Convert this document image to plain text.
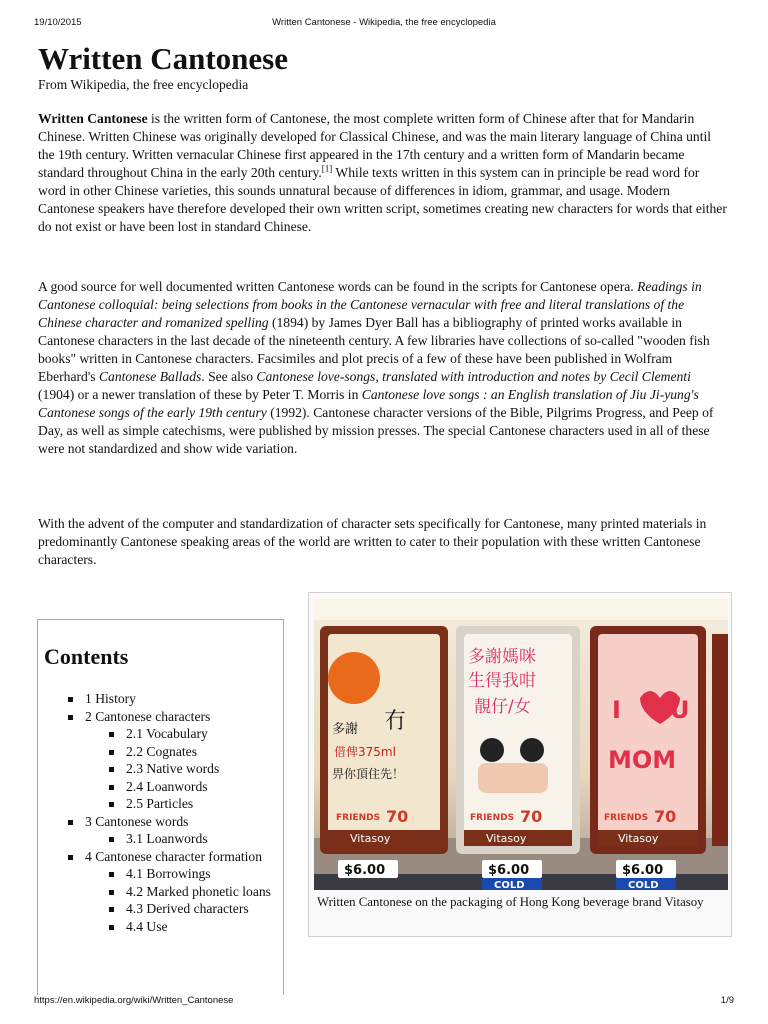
19/10/2015	Written Cantonese - Wikipedia, the free encyclopedia
Written Cantonese
From Wikipedia, the free encyclopedia

Written Cantonese is the written form of Cantonese, the most complete written form of Chinese after that for Mandarin Chinese. Written Chinese was originally developed for Classical Chinese, and was the main literary language of China until the 19th century. Written vernacular Chinese first appeared in the 17th century and a written form of Mandarin became standard throughout China in the early 20th century.[1] While texts written in this system can in principle be read word for word in other Chinese varieties, this sounds unnatural because of differences in idiom, grammar, and usage. Modern Cantonese speakers have therefore developed their own written script, sometimes creating new characters for words that either do not exist or have been lost in standard Chinese.

A good source for well documented written Cantonese words can be found in the scripts for Cantonese opera. Readings in Cantonese colloquial: being selections from books in the Cantonese vernacular with free and literal translations of the Chinese character and romanized spelling (1894) by James Dyer Ball has a bibliography of printed works available in Cantonese characters in the last decade of the nineteenth century. A few libraries have collections of so-called "wooden fish books" written in Cantonese characters. Facsimiles and plot precis of a few of these have been published in Wolfram Eberhard's Cantonese Ballads. See also Cantonese love-songs, translated with introduction and notes by Cecil Clementi (1904) or a newer translation of these by Peter T. Morris in Cantonese love songs : an English translation of Jiu Ji-yung's Cantonese songs of the early 19th century (1992). Cantonese character versions of the Bible, Pilgrims Progress, and Peep of Day, as well as simple catechisms, were published by mission presses. The special Cantonese characters used in all of these were not standardized and show wide variation.

With the advent of the computer and standardization of character sets specifically for Cantonese, many printed materials in predominantly Cantonese speaking areas of the world are written to cater to their population with these written Cantonese characters.

Contents
1 History
2 Cantonese characters
2.1 Vocabulary
2.2 Cognates
2.3 Native words
2.4 Loanwords
2.5 Particles
3 Cantonese words
3.1 Loanwords
4 Cantonese character formation
4.1 Borrowings
4.2 Marked phonetic loans
4.3 Derived characters
4.4 Use
冇
多謝
借俾375ml
畀你頂住先！
FRIENDS 70
Vitasoy
多謝媽咪
生得我咁
靚仔/女
FRIENDS 70
Vitasoy
I U
MOM
FRIENDS 70
Vitasoy
$6.00	$6.00
COLD
$6.00
COLD
Written Cantonese on the packaging of Hong Kong beverage brand Vitasoy
https://en.wikipedia.org/wiki/Written_Cantonese	1/9
